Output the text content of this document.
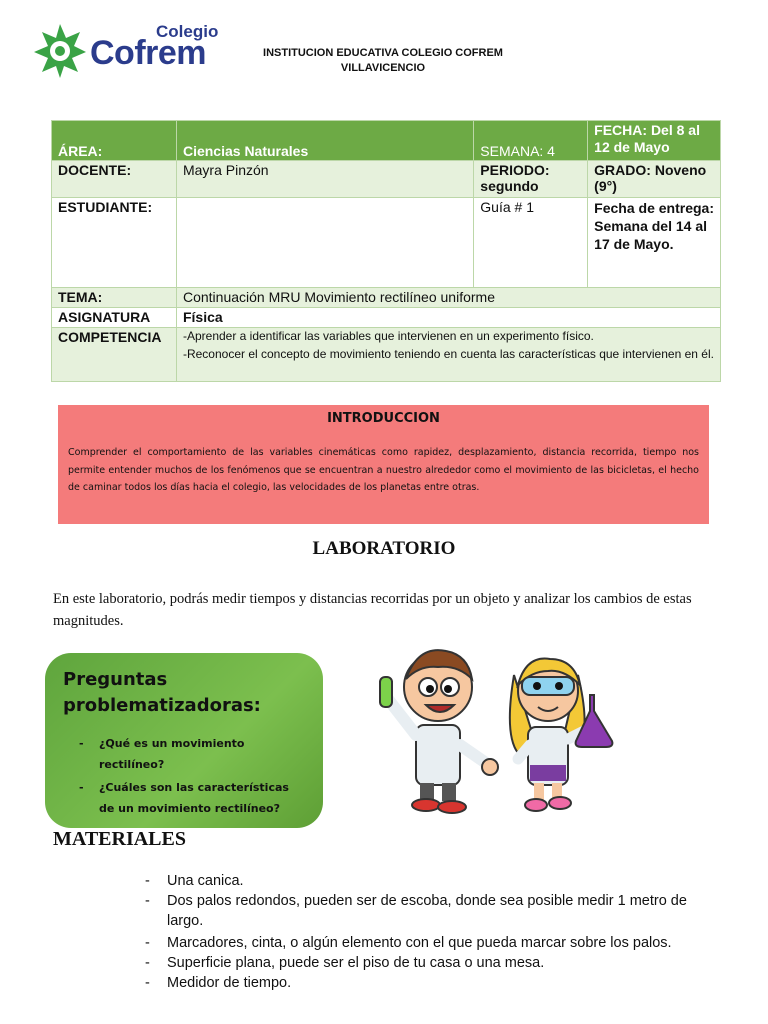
Colegio
Cofrem	INSTITUCION EDUCATIVA COLEGIO COFREM
VILLAVICENCIO
ÁREA:	Ciencias Naturales	SEMANA: 4	FECHA: Del 8 al 12 de Mayo
DOCENTE:	Mayra Pinzón	PERIODO: segundo	GRADO: Noveno (9°)
ESTUDIANTE:		Guía # 1	Fecha de entrega: Semana del 14 al 17 de Mayo.
TEMA:	Continuación MRU Movimiento rectilíneo uniforme		
ASIGNATURA	Física		
COMPETENCIA	-Aprender a identificar las variables que intervienen en un experimento físico.
-Reconocer el concepto de movimiento teniendo en cuenta las características que intervienen en él.		
INTRODUCCION
Comprender el comportamiento de las variables cinemáticas como rapidez, desplazamiento, distancia recorrida, tiempo nos permite entender muchos de los fenómenos que se encuentran a nuestro alrededor como el movimiento de las bicicletas, el hecho de caminar todos los días hacia el colegio, las velocidades de los planetas entre otras.
LABORATORIO
En este laboratorio, podrás medir tiempos y distancias recorridas por un objeto y analizar los cambios de estas magnitudes.
Preguntas
problematizadoras:
- ¿Qué es un movimiento rectilíneo?
- ¿Cuáles son las características de un movimiento rectilíneo?
MATERIALES
- Una canica.
- Dos palos redondos, pueden ser de escoba, donde sea posible medir 1 metro de largo.
- Marcadores, cinta, o algún elemento con el que pueda marcar sobre los palos.
- Superficie plana, puede ser el piso de tu casa o una mesa.
- Medidor de tiempo.
